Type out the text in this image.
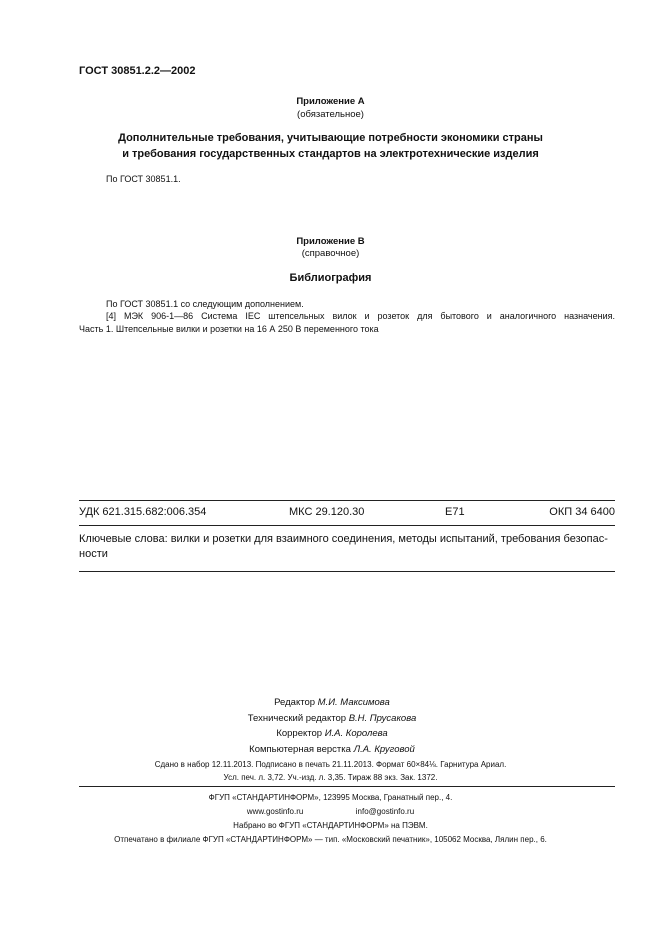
ГОСТ 30851.2.2—2002
Приложение А
(обязательное)
Дополнительные требования, учитывающие потребности экономики страны
и требования государственных стандартов на электротехнические изделия
По ГОСТ 30851.1.
Приложение В
(справочное)
Библиография
По ГОСТ 30851.1 со следующим дополнением.
[4] МЭК 906-1—86 Система IEC штепсельных вилок и розеток для бытового и аналогичного назначения.
Часть 1. Штепсельные вилки и розетки на 16 А 250 В переменного тока
УДК 621.315.682:006.354	МКС 29.120.30	Е71	ОКП 34 6400
Ключевые слова: вилки и розетки для взаимного соединения, методы испытаний, требования безопас-
ности
Редактор М.И. Максимова
Технический редактор В.Н. Прусакова
Корректор И.А. Королева
Компьютерная верстка Л.А. Круговой
Сдано в набор 12.11.2013. Подписано в печать 21.11.2013. Формат 60×84⅛. Гарнитура Ариал.
Усл. печ. л. 3,72. Уч.-изд. л. 3,35. Тираж 88 экз. Зак. 1372.
ФГУП «СТАНДАРТИНФОРМ», 123995 Москва, Гранатный пер., 4.
www.gostinfo.ru	info@gostinfo.ru
Набрано во ФГУП «СТАНДАРТИНФОРМ» на ПЭВМ.
Отпечатано в филиале ФГУП «СТАНДАРТИНФОРМ» — тип. «Московский печатник», 105062 Москва, Лялин пер., 6.
